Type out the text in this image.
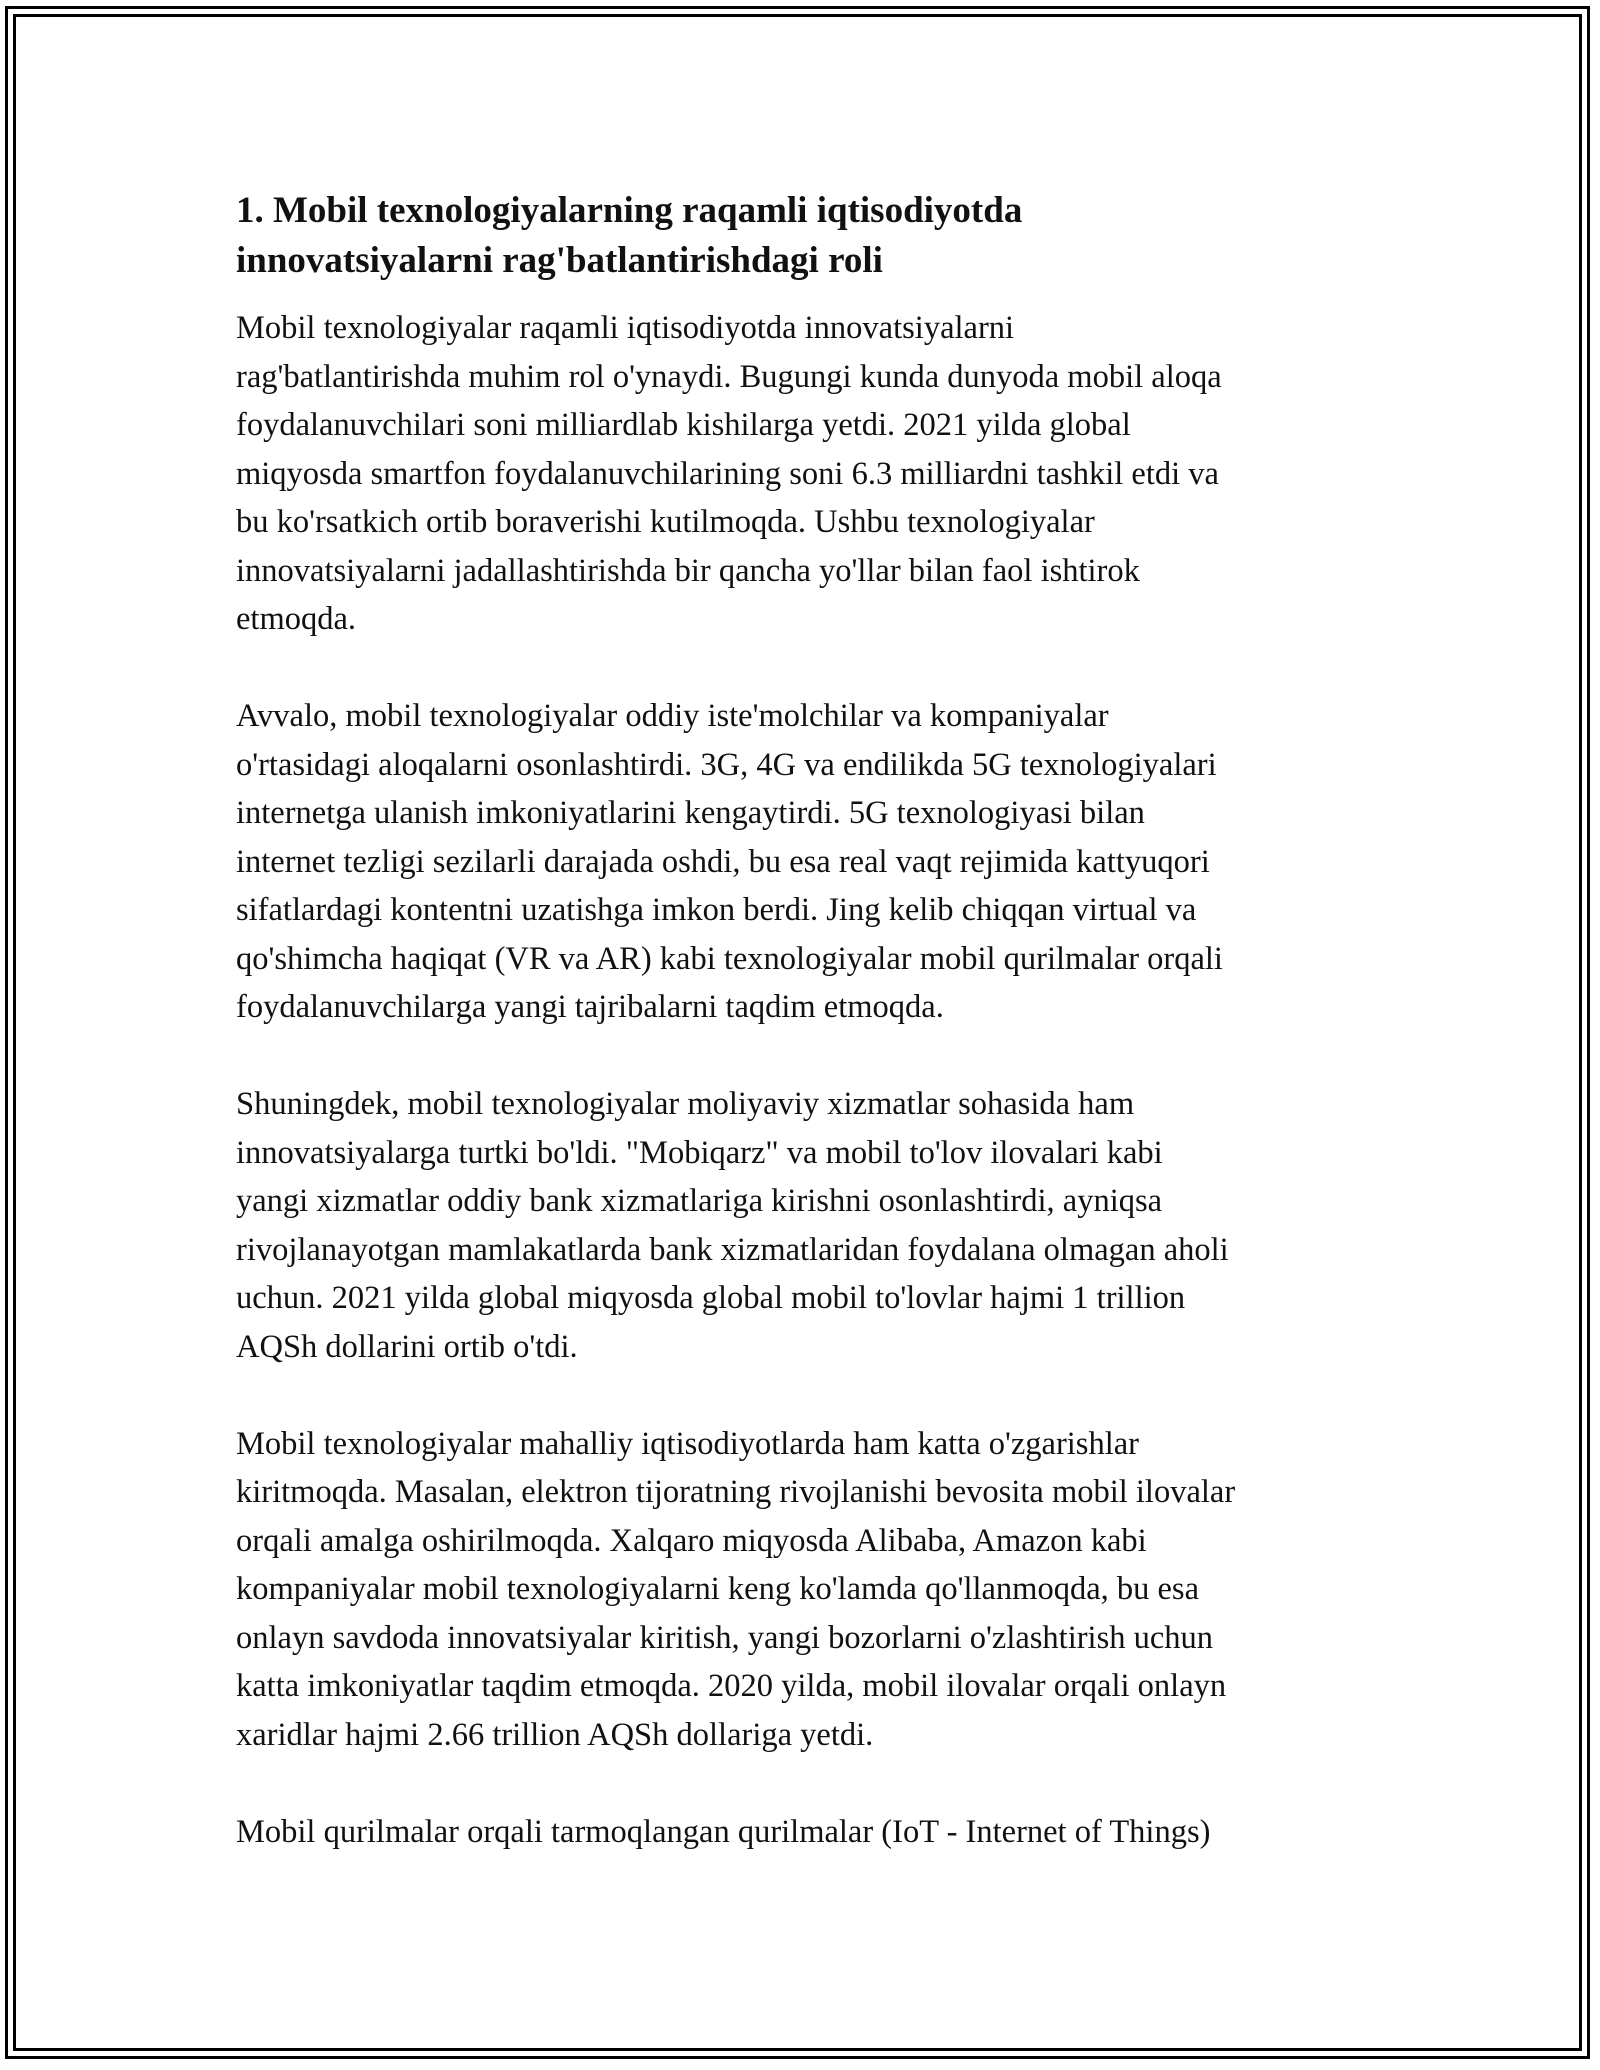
1. Mobil texnologiyalarning raqamli iqtisodiyotda
innovatsiyalarni rag'batlantirishdagi roli

Mobil texnologiyalar raqamli iqtisodiyotda innovatsiyalarni
rag'batlantirishda muhim rol o'ynaydi. Bugungi kunda dunyoda mobil aloqa
foydalanuvchilari soni milliardlab kishilarga yetdi. 2021 yilda global
miqyosda smartfon foydalanuvchilarining soni 6.3 milliardni tashkil etdi va
bu ko'rsatkich ortib boraverishi kutilmoqda. Ushbu texnologiyalar
innovatsiyalarni jadallashtirishda bir qancha yo'llar bilan faol ishtirok
etmoqda.

Avvalo, mobil texnologiyalar oddiy iste'molchilar va kompaniyalar
o'rtasidagi aloqalarni osonlashtirdi. 3G, 4G va endilikda 5G texnologiyalari
internetga ulanish imkoniyatlarini kengaytirdi. 5G texnologiyasi bilan
internet tezligi sezilarli darajada oshdi, bu esa real vaqt rejimida kattyuqori
sifatlardagi kontentni uzatishga imkon berdi. Jing kelib chiqqan virtual va
qo'shimcha haqiqat (VR va AR) kabi texnologiyalar mobil qurilmalar orqali
foydalanuvchilarga yangi tajribalarni taqdim etmoqda.

Shuningdek, mobil texnologiyalar moliyaviy xizmatlar sohasida ham
innovatsiyalarga turtki bo'ldi. "Mobiqarz" va mobil to'lov ilovalari kabi
yangi xizmatlar oddiy bank xizmatlariga kirishni osonlashtirdi, ayniqsa
rivojlanayotgan mamlakatlarda bank xizmatlaridan foydalana olmagan aholi
uchun. 2021 yilda global miqyosda global mobil to'lovlar hajmi 1 trillion
AQSh dollarini ortib o'tdi.

Mobil texnologiyalar mahalliy iqtisodiyotlarda ham katta o'zgarishlar
kiritmoqda. Masalan, elektron tijoratning rivojlanishi bevosita mobil ilovalar
orqali amalga oshirilmoqda. Xalqaro miqyosda Alibaba, Amazon kabi
kompaniyalar mobil texnologiyalarni keng ko'lamda qo'llanmoqda, bu esa
onlayn savdoda innovatsiyalar kiritish, yangi bozorlarni o'zlashtirish uchun
katta imkoniyatlar taqdim etmoqda. 2020 yilda, mobil ilovalar orqali onlayn
xaridlar hajmi 2.66 trillion AQSh dollariga yetdi.

Mobil qurilmalar orqali tarmoqlangan qurilmalar (IoT - Internet of Things)
